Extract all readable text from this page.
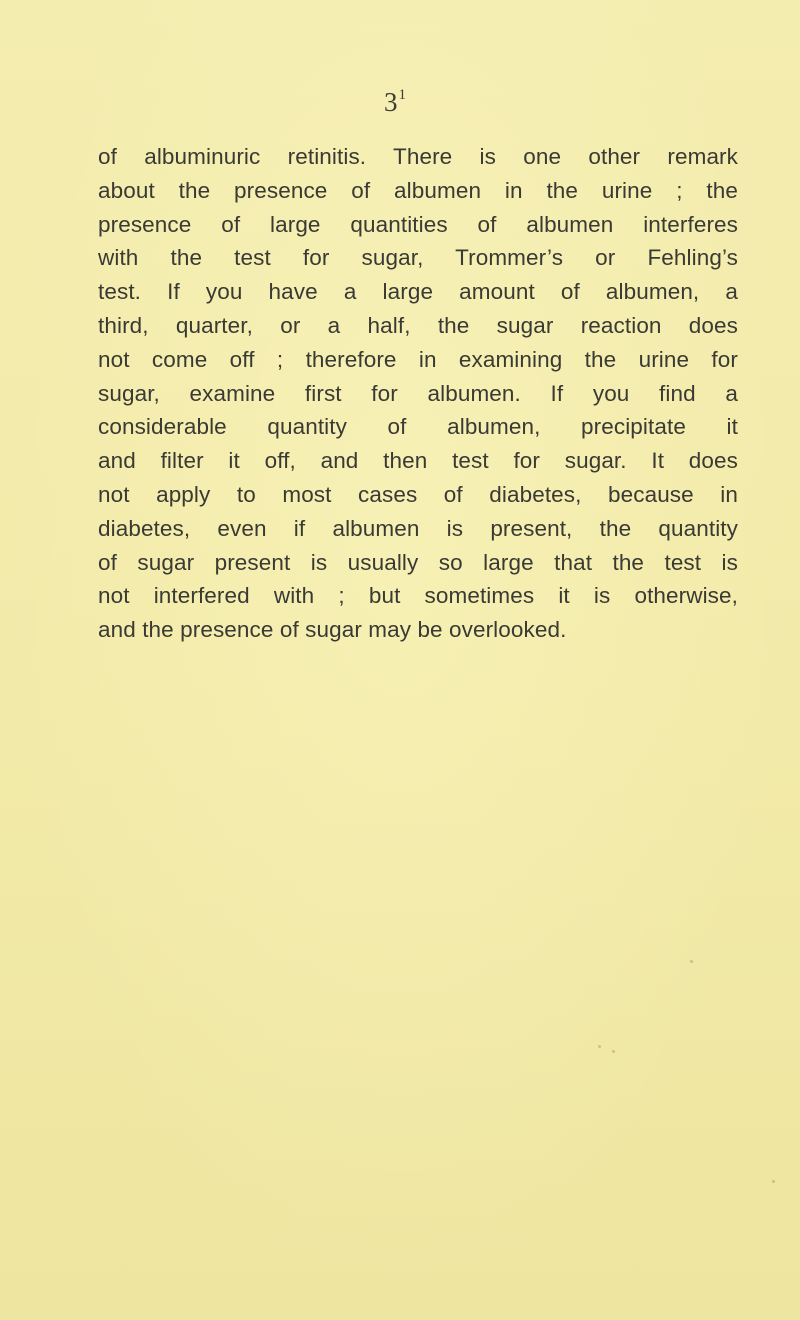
$3^1$

of albuminuric retinitis. There is one other remark
about the presence of albumen in the urine ; the
presence of large quantities of albumen interferes
with the test for sugar, Trommer’s or Fehling’s
test. If you have a large amount of albumen, a
third, quarter, or a half, the sugar reaction does
not come off ; therefore in examining the urine for
sugar, examine first for albumen. If you find a
considerable quantity of albumen, precipitate it
and filter it off, and then test for sugar. It does
not apply to most cases of diabetes, because in
diabetes, even if albumen is present, the quantity
of sugar present is usually so large that the test is
not interfered with ; but sometimes it is otherwise,
and the presence of sugar may be overlooked.
